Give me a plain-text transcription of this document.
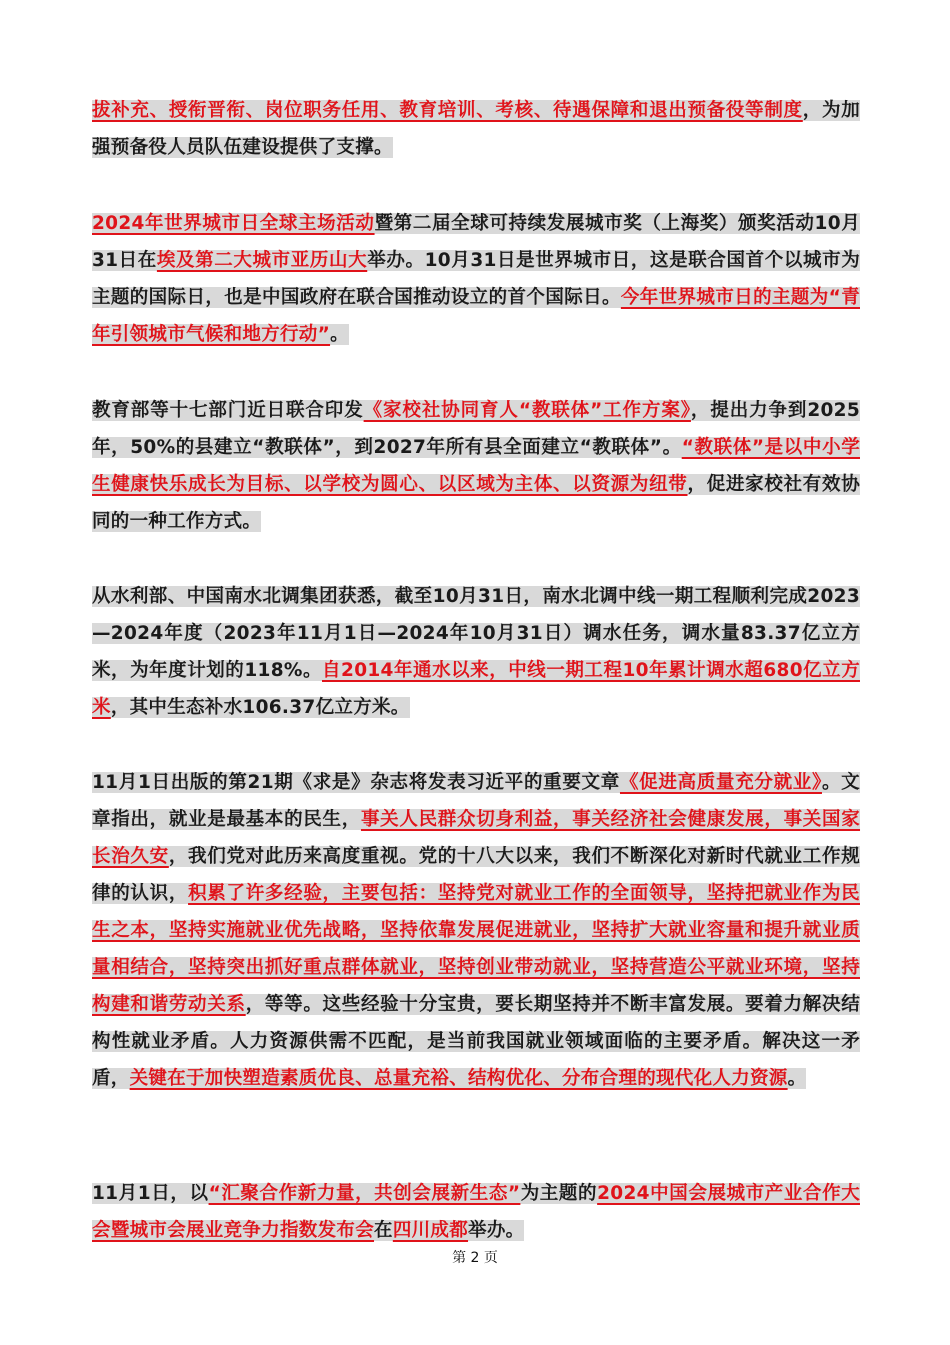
拔补充、授衔晋衔、岗位职务任用、教育培训、考核、待遇保障和退出预备役等制度，为加强预备役人员队伍建设提供了支撑。
2024年世界城市日全球主场活动暨第二届全球可持续发展城市奖（上海奖）颁奖活动10月31日在埃及第二大城市亚历山大举办。10月31日是世界城市日，这是联合国首个以城市为主题的国际日，也是中国政府在联合国推动设立的首个国际日。今年世界城市日的主题为“青年引领城市气候和地方行动”。
教育部等十七部门近日联合印发《家校社协同育人“教联体”工作方案》，提出力争到2025年，50%的县建立“教联体”，到2027年所有县全面建立“教联体”。“教联体”是以中小学生健康快乐成长为目标、以学校为圆心、以区域为主体、以资源为纽带，促进家校社有效协同的一种工作方式。
从水利部、中国南水北调集团获悉，截至10月31日，南水北调中线一期工程顺利完成2023—2024年度（2023年11月1日—2024年10月31日）调水任务，调水量83.37亿立方米，为年度计划的118%。自2014年通水以来，中线一期工程10年累计调水超680亿立方米，其中生态补水106.37亿立方米。
11月1日出版的第21期《求是》杂志将发表习近平的重要文章《促进高质量充分就业》。文章指出，就业是最基本的民生，事关人民群众切身利益，事关经济社会健康发展，事关国家长治久安，我们党对此历来高度重视。党的十八大以来，我们不断深化对新时代就业工作规律的认识，积累了许多经验，主要包括：坚持党对就业工作的全面领导，坚持把就业作为民生之本，坚持实施就业优先战略，坚持依靠发展促进就业，坚持扩大就业容量和提升就业质量相结合，坚持突出抓好重点群体就业，坚持创业带动就业，坚持营造公平就业环境，坚持构建和谐劳动关系，等等。这些经验十分宝贵，要长期坚持并不断丰富发展。要着力解决结构性就业矛盾。人力资源供需不匹配，是当前我国就业领域面临的主要矛盾。解决这一矛盾，关键在于加快塑造素质优良、总量充裕、结构优化、分布合理的现代化人力资源。
11月1日，以“汇聚合作新力量，共创会展新生态”为主题的2024中国会展城市产业合作大会暨城市会展业竞争力指数发布会在四川成都举办。
第 2 页
